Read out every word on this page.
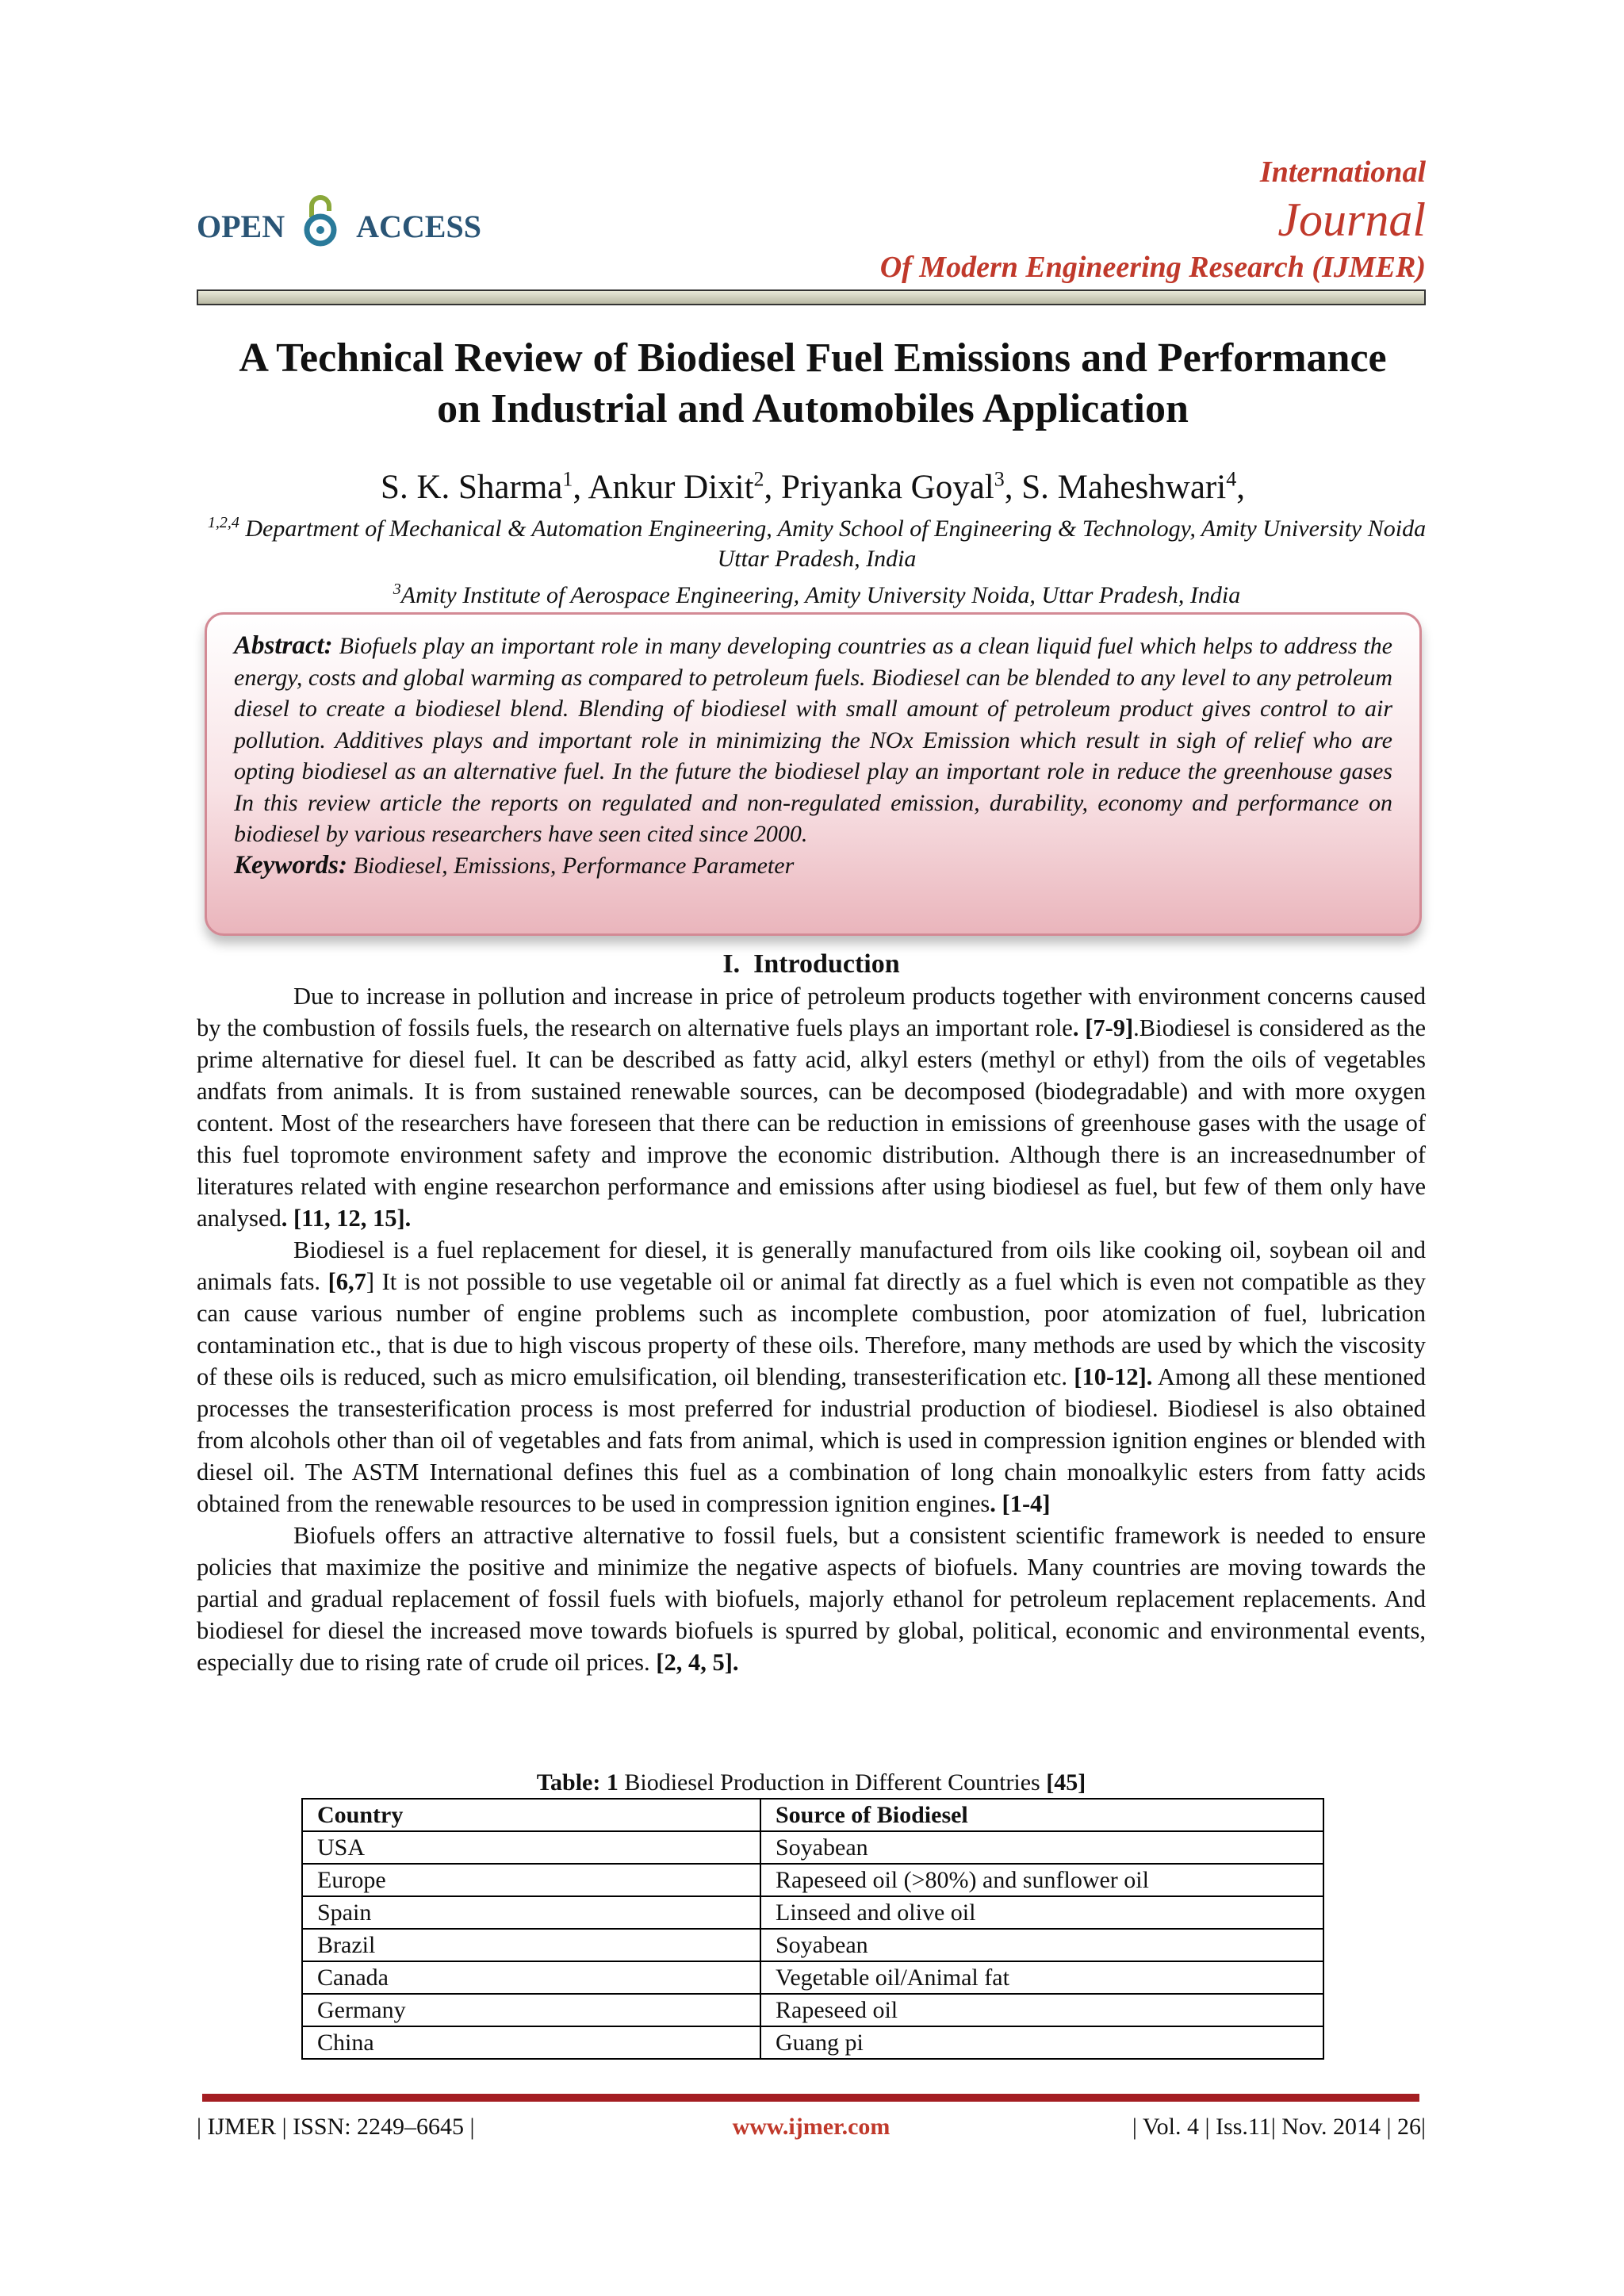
OPEN ACCESS
International
Journal
Of Modern Engineering Research (IJMER)
A Technical Review of Biodiesel Fuel Emissions and Performance
on Industrial and Automobiles Application
S. K. Sharma$^1$, Ankur Dixit$^2$, Priyanka Goyal$^3$, S. Maheshwari$^4$,
$^{1,2,4}$ Department of Mechanical & Automation Engineering, Amity School of Engineering & Technology, Amity University Noida Uttar Pradesh, India
$^3$Amity Institute of Aerospace Engineering, Amity University Noida, Uttar Pradesh, India

Abstract: Biofuels play an important role in many developing countries as a clean liquid fuel which helps to address the energy, costs and global warming as compared to petroleum fuels. Biodiesel can be blended to any level to any petroleum diesel to create a biodiesel blend. Blending of biodiesel with small amount of petroleum product gives control to air pollution. Additives plays and important role in minimizing the NOx Emission which result in sigh of relief who are opting biodiesel as an alternative fuel. In the future the biodiesel play an important role in reduce the greenhouse gases In this review article the reports on regulated and non-regulated emission, durability, economy and performance on biodiesel by various researchers have seen cited since 2000.

Keywords: Biodiesel, Emissions, Performance Parameter

I. Introduction

Due to increase in pollution and increase in price of petroleum products together with environment concerns caused by the combustion of fossils fuels, the research on alternative fuels plays an important role. [7-9].Biodiesel is considered as the prime alternative for diesel fuel. It can be described as fatty acid, alkyl esters (methyl or ethyl) from the oils of vegetables andfats from animals. It is from sustained renewable sources, can be decomposed (biodegradable) and with more oxygen content. Most of the researchers have foreseen that there can be reduction in emissions of greenhouse gases with the usage of this fuel topromote environment safety and improve the economic distribution. Although there is an increasednumber of literatures related with engine researchon performance and emissions after using biodiesel as fuel, but few of them only have analysed. [11, 12, 15].

Biodiesel is a fuel replacement for diesel, it is generally manufactured from oils like cooking oil, soybean oil and animals fats. [6,7] It is not possible to use vegetable oil or animal fat directly as a fuel which is even not compatible as they can cause various number of engine problems such as incomplete combustion, poor atomization of fuel, lubrication contamination etc., that is due to high viscous property of these oils. Therefore, many methods are used by which the viscosity of these oils is reduced, such as micro emulsification, oil blending, transesterification etc. [10-12]. Among all these mentioned processes the transesterification process is most preferred for industrial production of biodiesel. Biodiesel is also obtained from alcohols other than oil of vegetables and fats from animal, which is used in compression ignition engines or blended with diesel oil. The ASTM International defines this fuel as a combination of long chain monoalkylic esters from fatty acids obtained from the renewable resources to be used in compression ignition engines. [1-4]

Biofuels offers an attractive alternative to fossil fuels, but a consistent scientific framework is needed to ensure policies that maximize the positive and minimize the negative aspects of biofuels. Many countries are moving towards the partial and gradual replacement of fossil fuels with biofuels, majorly ethanol for petroleum replacement replacements. And biodiesel for diesel the increased move towards biofuels is spurred by global, political, economic and environmental events, especially due to rising rate of crude oil prices. [2, 4, 5].

Table: 1 Biodiesel Production in Different Countries [45]
Country	Source of Biodiesel
USA	Soyabean
Europe	Rapeseed oil (>80%) and sunflower oil
Spain	Linseed and olive oil
Brazil	Soyabean
Canada	Vegetable oil/Animal fat
Germany	Rapeseed oil
China	Guang pi
| IJMER | ISSN: 2249–6645 |	www.ijmer.com	| Vol. 4 | Iss.11| Nov. 2014 | 26|
